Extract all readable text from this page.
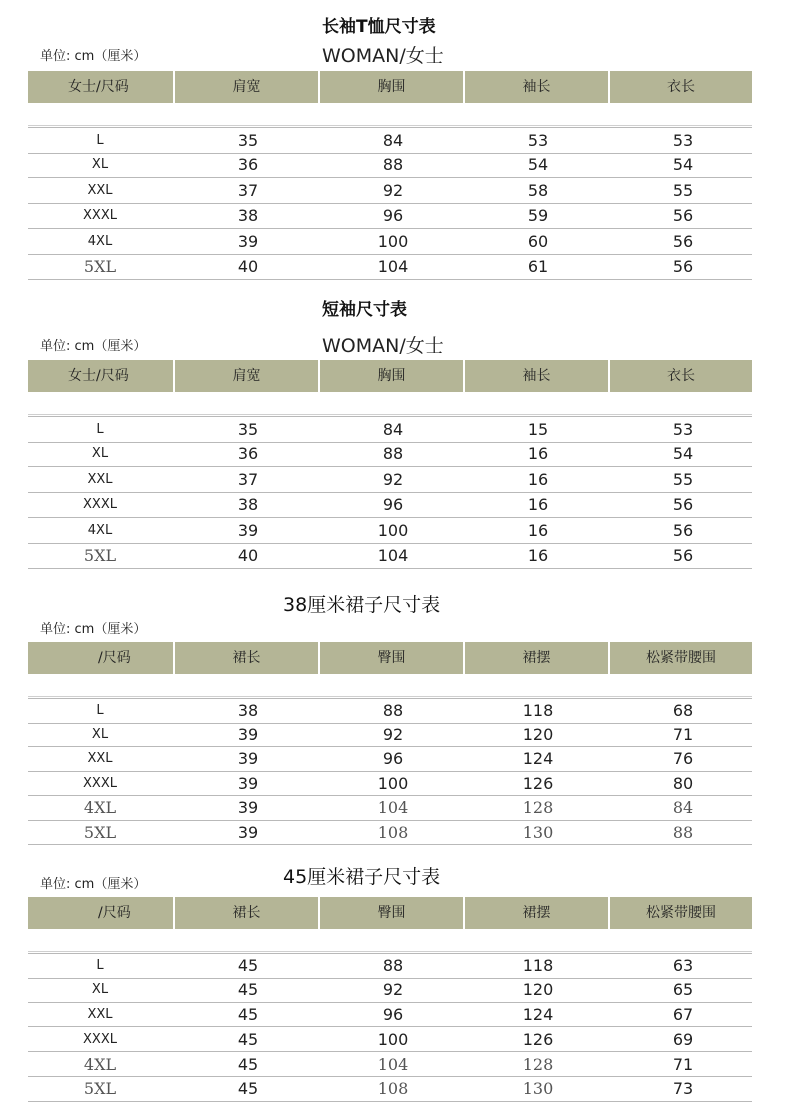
长袖T恤尺寸表
单位: cm（厘米）	WOMAN/女士
女士/尺码	肩宽	胸围	袖长	衣长
L	35	84	53	53
XL	36	88	54	54
XXL	37	92	58	55
XXXL	38	96	59	56
4XL	39	100	60	56
5XL	40	104	61	56
短袖尺寸表
单位: cm（厘米）	WOMAN/女士
女士/尺码	肩宽	胸围	袖长	衣长
L	35	84	15	53
XL	36	88	16	54
XXL	37	92	16	55
XXXL	38	96	16	56
4XL	39	100	16	56
5XL	40	104	16	56
38厘米裙子尺寸表
单位: cm（厘米）
/尺码	裙长	臀围	裙摆	松紧带腰围
L	38	88	118	68
XL	39	92	120	71
XXL	39	96	124	76
XXXL	39	100	126	80
4XL	39	104	128	84
5XL	39	108	130	88
45厘米裙子尺寸表
单位: cm（厘米）
/尺码	裙长	臀围	裙摆	松紧带腰围
L	45	88	118	63
XL	45	92	120	65
XXL	45	96	124	67
XXXL	45	100	126	69
4XL	45	104	128	71
5XL	45	108	130	73
